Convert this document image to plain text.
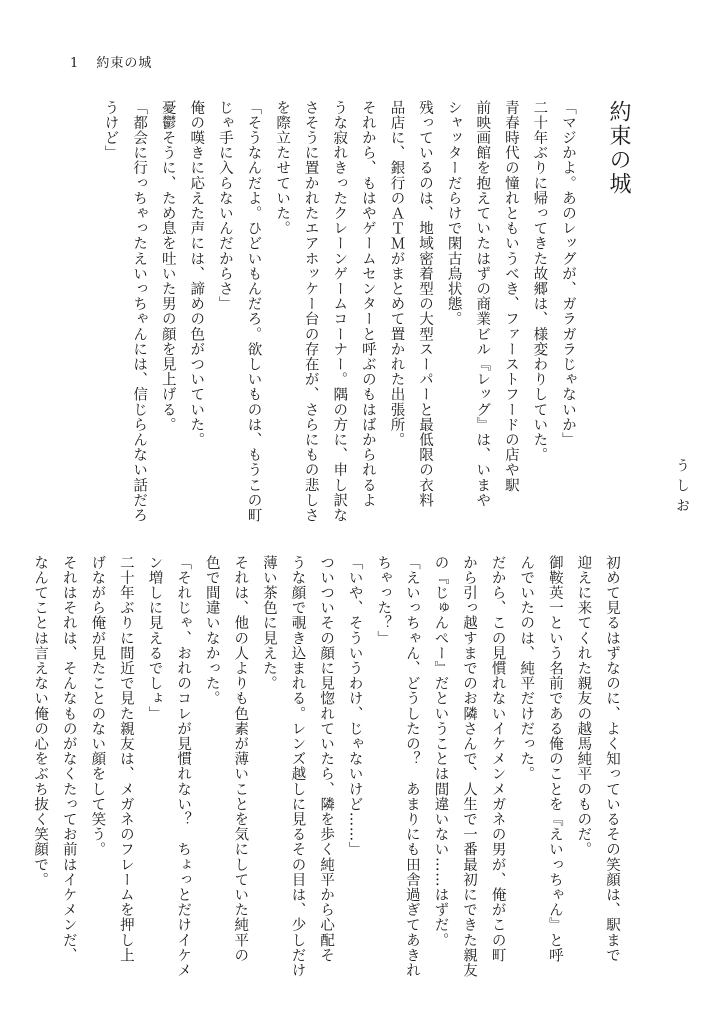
1 約束の城
約束の城
うしお

「マジかよ。あのレッグが、ガラガラじゃないか」

二十年ぶりに帰ってきた故郷は、様変わりしていた。

青春時代の憧れともいうべき、ファーストフードの店や駅

前映画館を抱えていたはずの商業ビル『レッグ』は、いまや

シャッターだらけで閑古鳥状態。

残っているのは、地域密着型の大型スーパーと最低限の衣料

品店に、銀行のＡＴＭがまとめて置かれた出張所。

それから、もはやゲームセンターと呼ぶのもはばかられるよ

うな寂れきったクレーンゲームコーナー。隅の方に、申し訳な

さそうに置かれたエアホッケー台の存在が、さらにもの悲しさ

を際立たせていた。

「そうなんだよ。ひどいもんだろ。欲しいものは、もうこの町

じゃ手に入らないんだからさ」

俺の嘆きに応えた声には、諦めの色がついていた。

憂鬱そうに、ため息を吐いた男の顔を見上げる。

「都会に行っちゃったえいっちゃんには、信じらんない話だろ

うけど」

初めて見るはずなのに、よく知っているその笑顔は、駅まで

迎えに来てくれた親友の越馬純平のものだ。

御鞍英一という名前である俺のことを『えいっちゃん』と呼

んでいたのは、純平だけだった。

だから、この見慣れないイケメンメガネの男が、俺がこの町

から引っ越すまでのお隣さんで、人生で一番最初にできた親友

の『じゅんぺー』だということは間違いない……はずだ。

「えいっちゃん、どうしたの？　あまりにも田舎過ぎてあきれ

ちゃった？」

「いや、そういうわけ、じゃないけど……」

ついついその顔に見惚れていたら、隣を歩く純平から心配そ

うな顔で覗き込まれる。レンズ越しに見るその目は、少しだけ

薄い茶色に見えた。

それは、他の人よりも色素が薄いことを気にしていた純平の

色で間違いなかった。

「それじゃ、おれのコレが見慣れない？　ちょっとだけイケメ

ン増しに見えるでしょ」

二十年ぶりに間近で見た親友は、メガネのフレームを押し上

げながら俺が見たことのない顔をして笑う。

それはそれは、そんなものがなくたってお前はイケメンだ、

なんてことは言えない俺の心をぶち抜く笑顔で。
